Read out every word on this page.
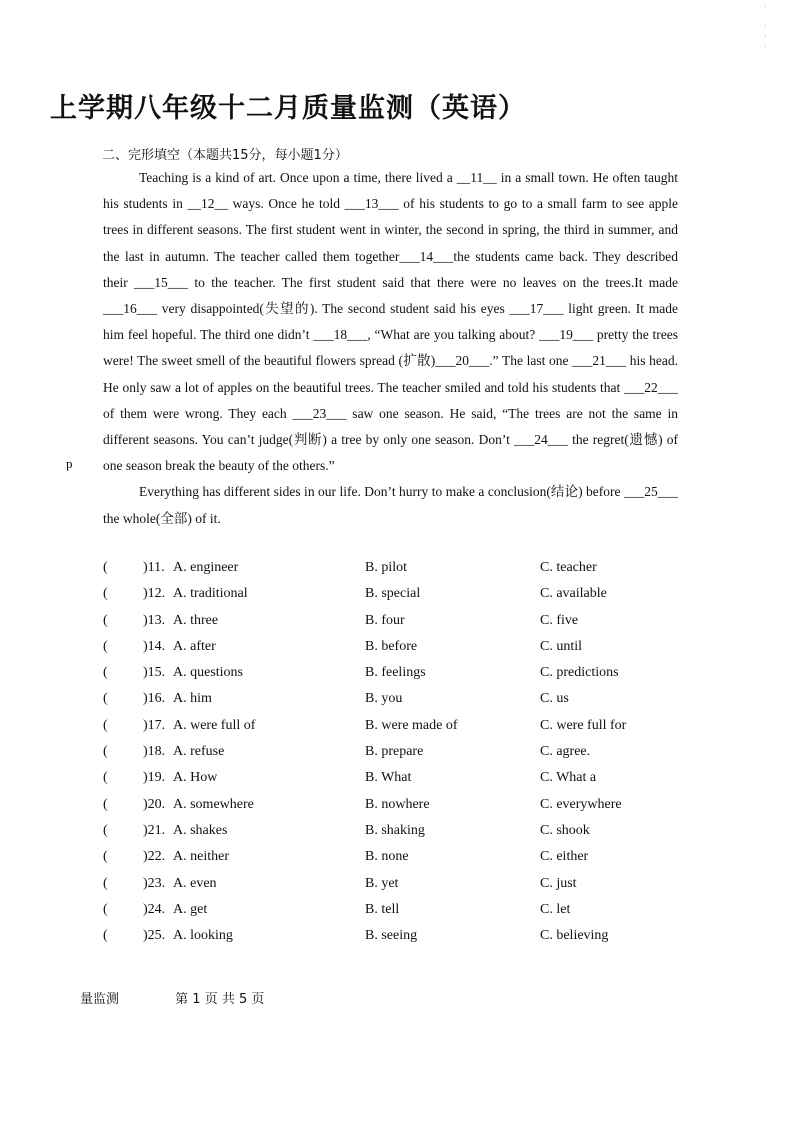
·
·
·
·
·
上学期八年级十二月质量监测（英语）
二、完形填空（本题共15分，每小题1分）

Teaching is a kind of art. Once upon a time, there lived a __11__ in a small town. He often taught his students in __12__ ways. Once he told ___13___ of his students to go to a small farm to see apple trees in different seasons. The first student went in winter, the second in spring, the third in summer, and the last in autumn. The teacher called them together___14___the students came back. They described their ___15___ to the teacher. The first student said that there were no leaves on the trees.It made ___16___ very disappointed(失望的). The second student said his eyes ___17___ light green. It made him feel hopeful. The third one didn’t ___18___, “What are you talking about? ___19___ pretty the trees were! The sweet smell of the beautiful flowers spread (扩散)___20___.” The last one ___21___ his head. He only saw a lot of apples on the beautiful trees. The teacher smiled and told his students that ___22___ of them were wrong. They each ___23___ saw one season. He said, “The trees are not the same in different seasons. You can’t judge(判断) a tree by only one season. Don’t ___24___ the regret(遗憾) of one season break the beauty of the others.”

Everything has different sides in our life. Don’t hurry to make a conclusion(结论) before ___25___ the whole(全部) of it.

p
(	)11. A. engineer	B. pilot	C. teacher
(	)12. A. traditional	B. special	C. available
(	)13. A. three	B. four	C. five
(	)14. A. after	B. before	C. until
(	)15. A. questions	B. feelings	C. predictions
(	)16. A. him	B. you	C. us
(	)17. A. were full of	B. were made of	C. were full for
(	)18. A. refuse	B. prepare	C. agree.
(	)19. A. How	B. What	C. What a
(	)20. A. somewhere	B. nowhere	C. everywhere
(	)21. A. shakes	B. shaking	C. shook
(	)22. A. neither	B. none	C. either
(	)23. A. even	B. yet	C. just
(	)24. A. get	B. tell	C. let
(	)25. A. looking	B. seeing	C. believing
量监测	第 1 页 共 5 页
